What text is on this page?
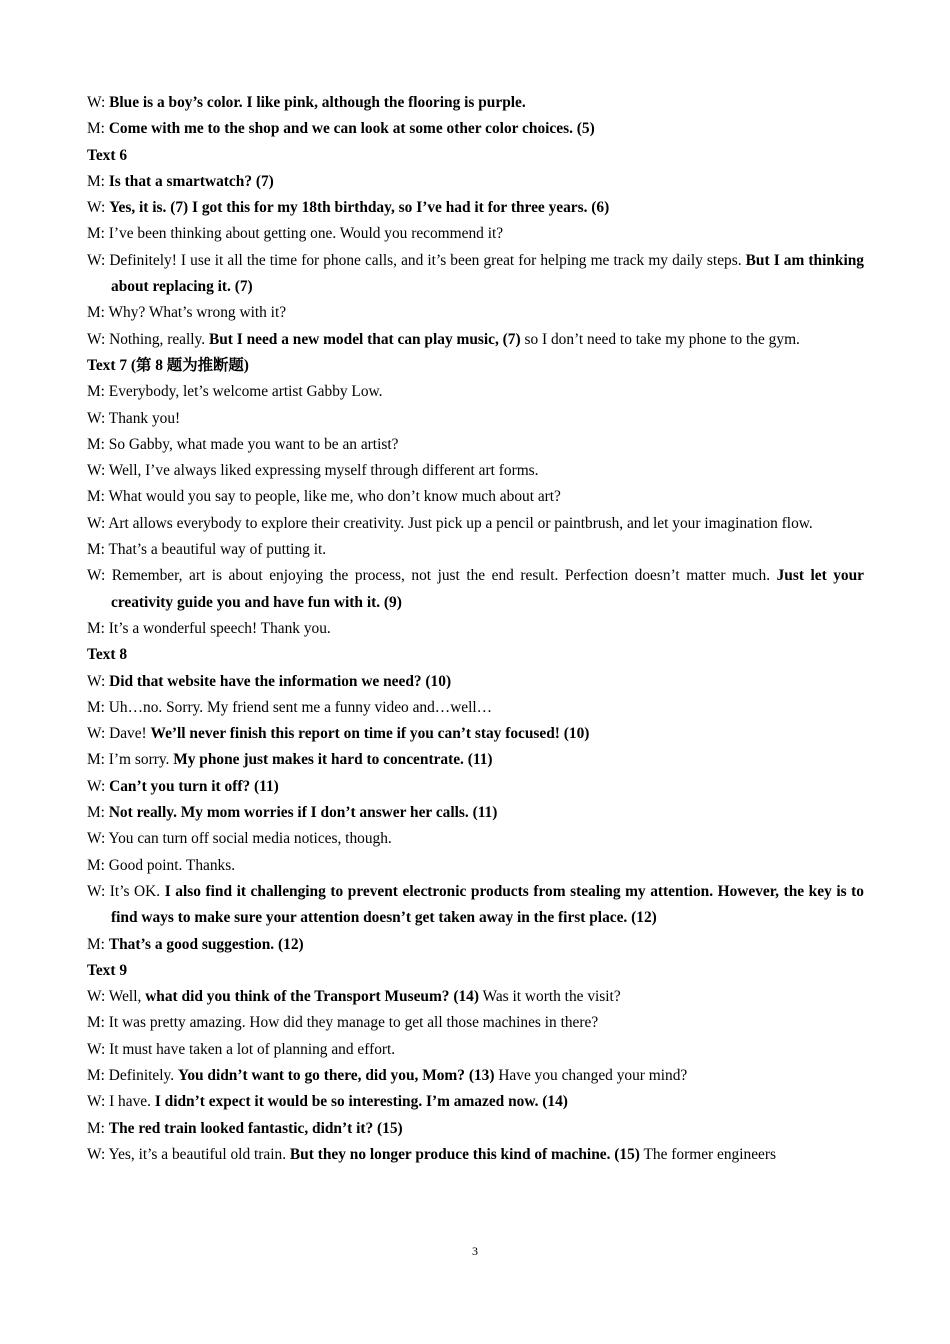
W: Blue is a boy’s color. I like pink, although the flooring is purple.

M: Come with me to the shop and we can look at some other color choices. (5)

Text 6

M: Is that a smartwatch? (7)

W: Yes, it is. (7) I got this for my 18th birthday, so I’ve had it for three years. (6)

M: I’ve been thinking about getting one. Would you recommend it?

W: Definitely! I use it all the time for phone calls, and it’s been great for helping me track my daily steps. But I am thinking about replacing it. (7)

M: Why? What’s wrong with it?

W: Nothing, really. But I need a new model that can play music, (7) so I don’t need to take my phone to the gym.

Text 7 (第 8 题为推断题)

M: Everybody, let’s welcome artist Gabby Low.

W: Thank you!

M: So Gabby, what made you want to be an artist?

W: Well, I’ve always liked expressing myself through different art forms.

M: What would you say to people, like me, who don’t know much about art?

W: Art allows everybody to explore their creativity. Just pick up a pencil or paintbrush, and let your imagination flow.

M: That’s a beautiful way of putting it.

W: Remember, art is about enjoying the process, not just the end result. Perfection doesn’t matter much. Just let your creativity guide you and have fun with it. (9)

M: It’s a wonderful speech! Thank you.

Text 8

W: Did that website have the information we need? (10)

M: Uh…no. Sorry. My friend sent me a funny video and…well…

W: Dave! We’ll never finish this report on time if you can’t stay focused! (10)

M: I’m sorry. My phone just makes it hard to concentrate. (11)

W: Can’t you turn it off? (11)

M: Not really. My mom worries if I don’t answer her calls. (11)

W: You can turn off social media notices, though.

M: Good point. Thanks.

W: It’s OK. I also find it challenging to prevent electronic products from stealing my attention. However, the key is to find ways to make sure your attention doesn’t get taken away in the first place. (12)

M: That’s a good suggestion. (12)

Text 9

W: Well, what did you think of the Transport Museum? (14) Was it worth the visit?

M: It was pretty amazing. How did they manage to get all those machines in there?

W: It must have taken a lot of planning and effort.

M: Definitely. You didn’t want to go there, did you, Mom? (13) Have you changed your mind?

W: I have. I didn’t expect it would be so interesting. I’m amazed now. (14)

M: The red train looked fantastic, didn’t it? (15)

W: Yes, it’s a beautiful old train. But they no longer produce this kind of machine. (15) The former engineers

3
